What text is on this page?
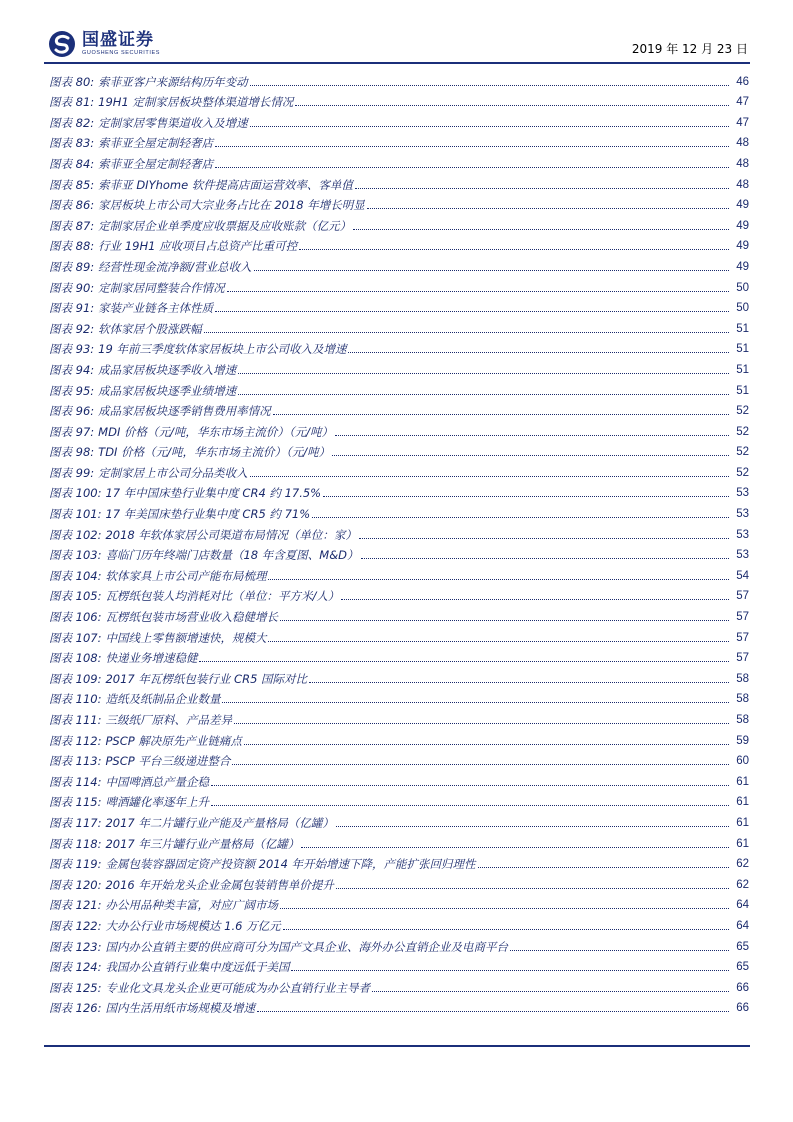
国盛证券
GUOSHENG SECURITIES	2019 年 12 月 23 日
图表 80: 索菲亚客户来源结构历年变动	46
图表 81: 19H1 定制家居板块整体渠道增长情况	47
图表 82: 定制家居零售渠道收入及增速	47
图表 83: 索菲亚全屋定制轻奢店	48
图表 84: 索菲亚全屋定制轻奢店	48
图表 85: 索菲亚 DIYhome 软件提高店面运营效率、客单值	48
图表 86: 家居板块上市公司大宗业务占比在 2018 年增长明显	49
图表 87: 定制家居企业单季度应收票据及应收账款（亿元）	49
图表 88: 行业 19H1 应收项目占总资产比重可控	49
图表 89: 经营性现金流净额/营业总收入	49
图表 90: 定制家居同整装合作情况	50
图表 91: 家装产业链各主体性质	50
图表 92: 软体家居个股涨跌幅	51
图表 93: 19 年前三季度软体家居板块上市公司收入及增速	51
图表 94: 成品家居板块逐季收入增速	51
图表 95: 成品家居板块逐季业绩增速	51
图表 96: 成品家居板块逐季销售费用率情况	52
图表 97: MDI 价格（元/吨，华东市场主流价）（元/吨）	52
图表 98: TDI 价格（元/吨，华东市场主流价）（元/吨）	52
图表 99: 定制家居上市公司分品类收入	52
图表 100: 17 年中国床垫行业集中度 CR4 约 17.5%	53
图表 101: 17 年美国床垫行业集中度 CR5 约 71%	53
图表 102: 2018 年软体家居公司渠道布局情况（单位：家）	53
图表 103: 喜临门历年终端门店数量（18 年含夏图、M&D）	53
图表 104: 软体家具上市公司产能布局梳理	54
图表 105: 瓦楞纸包装人均消耗对比（单位：平方米/人）	57
图表 106: 瓦楞纸包装市场营业收入稳健增长	57
图表 107: 中国线上零售额增速快，规模大	57
图表 108: 快递业务增速稳健	57
图表 109: 2017 年瓦楞纸包装行业 CR5 国际对比	58
图表 110: 造纸及纸制品企业数量	58
图表 111: 三级纸厂原料、产品差异	58
图表 112: PSCP 解决原先产业链痛点	59
图表 113: PSCP 平台三级递进整合	60
图表 114: 中国啤酒总产量企稳	61
图表 115: 啤酒罐化率逐年上升	61
图表 117: 2017 年二片罐行业产能及产量格局（亿罐）	61
图表 118: 2017 年三片罐行业产量格局（亿罐）	61
图表 119: 金属包装容器固定资产投资额 2014 年开始增速下降，产能扩张回归理性	62
图表 120: 2016 年开始龙头企业金属包装销售单价提升	62
图表 121: 办公用品种类丰富，对应广阔市场	64
图表 122: 大办公行业市场规模达 1.6 万亿元	64
图表 123: 国内办公直销主要的供应商可分为国产文具企业、海外办公直销企业及电商平台	65
图表 124: 我国办公直销行业集中度远低于美国	65
图表 125: 专业化文具龙头企业更可能成为办公直销行业主导者	66
图表 126: 国内生活用纸市场规模及增速	66
